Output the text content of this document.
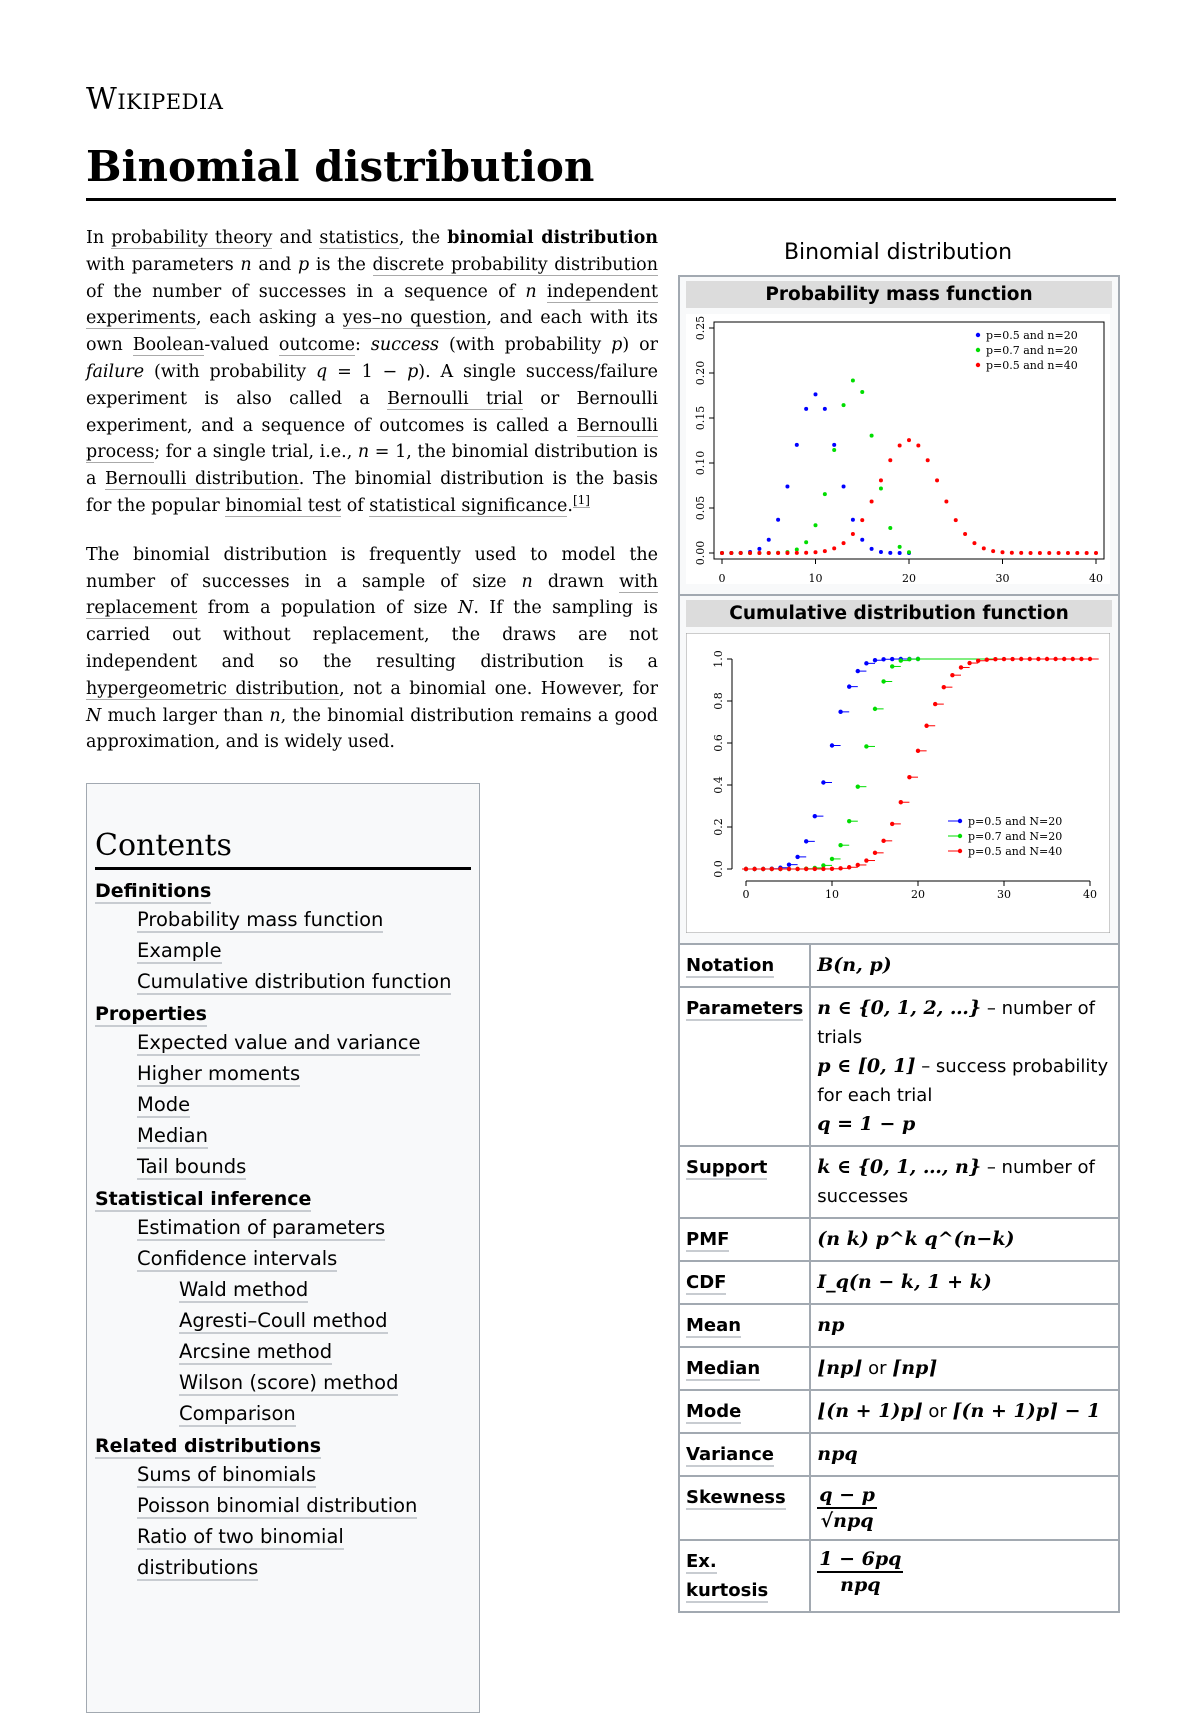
Wikipedia
Binomial distribution

In probability theory and statistics, the binomial distribution with parameters n and p is the discrete probability distribution of the number of successes in a sequence of n independent experiments, each asking a yes–no question, and each with its own Boolean-valued outcome: success (with probability p) or failure (with probability q = 1 − p). A single success/failure experiment is also called a Bernoulli trial or Bernoulli experiment, and a sequence of outcomes is called a Bernoulli process; for a single trial, i.e., n = 1, the binomial distribution is a Bernoulli distribution. The binomial distribution is the basis for the popular binomial test of statistical significance.[1]

The binomial distribution is frequently used to model the number of successes in a sample of size n drawn with replacement from a population of size N. If the sampling is carried out without replacement, the draws are not independent and so the resulting distribution is a hypergeometric distribution, not a binomial one. However, for N much larger than n, the binomial distribution remains a good approximation, and is widely used.

Contents
Definitions
Probability mass function
Example
Cumulative distribution function
Properties
Expected value and variance
Higher moments
Mode
Median
Tail bounds
Statistical inference
Estimation of parameters
Confidence intervals
Wald method
Agresti–Coull method
Arcsine method
Wilson (score) method
Comparison
Related distributions
Sums of binomials
Poisson binomial distribution
Ratio of two binomial distributions
Binomial distribution
Probability mass function
0	10	20	30	40
0.00
0.05
0.10
0.15
0.20
0.25	p=0.5 and n=20
p=0.7 and n=20
p=0.5 and n=40
Cumulative distribution function
0	10	20	30	40
0.0
0.2
0.4
0.6
0.8
1.0
p=0.5 and N=20
p=0.7 and N=20
p=0.5 and N=40
Notation	B(n, p)
Parameters	n ∈ {0, 1, 2, …} – number of trials
p ∈ [0, 1] – success probability for each trial
q = 1 − p
Support	k ∈ {0, 1, …, n} – number of successes
PMF	(n k) p^k q^(n−k)
CDF	I_q(n − k, 1 + k)
Mean	np
Median	⌊np⌋ or ⌈np⌉
Mode	⌊(n + 1)p⌋ or ⌈(n + 1)p⌉ − 1
Variance	npq
Skewness	$\frac{q - p}{\text{√npq}}$

Ex. kurtosis	$\frac{1 - 6pq}{\text{npq}}$
